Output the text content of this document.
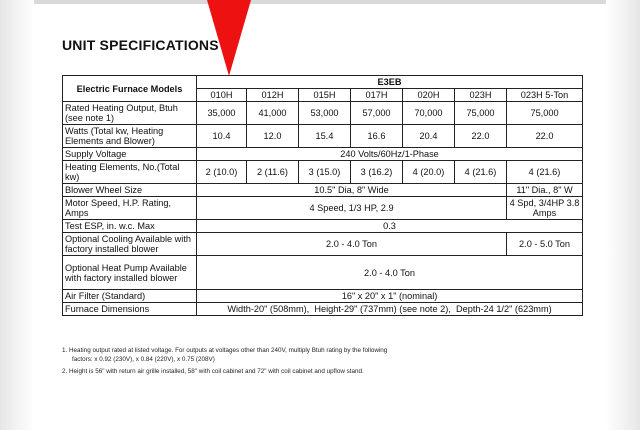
UNIT SPECIFICATIONS
Electric Furnace Models	E3EB						
	010H	012H	015H	017H	020H	023H	023H 5-Ton
Rated Heating Output, Btuh (see note 1)	35,000	41,000	53,000	57,000	70,000	75,000	75,000
Watts (Total kw, Heating Elements and Blower)	10.4	12.0	15.4	16.6	20.4	22.0	22.0
Supply Voltage	240 Volts/60Hz/1-Phase						
Heating Elements, No.(Total kw)	2 (10.0)	2 (11.6)	3 (15.0)	3 (16.2)	4 (20.0)	4 (21.6)	4 (21.6)
Blower Wheel Size	10.5" Dia, 8" Wide						11" Dia., 8" W
Motor Speed, H.P. Rating, Amps	4 Speed, 1/3 HP, 2.9						4 Spd, 3/4HP 3.8 Amps
Test ESP, in. w.c. Max	0.3						
Optional Cooling Available with factory installed blower	2.0 - 4.0 Ton						2.0 - 5.0 Ton
Optional Heat Pump Available with factory installed blower	2.0 - 4.0 Ton						
Air Filter (Standard)	16" x 20" x 1" (nominal)						
Furnace Dimensions	Width-20" (508mm),  Height-29" (737mm) (see note 2),  Depth-24 1/2" (623mm)						
1. Heating output rated at listed voltage. For outputs at voltages other than 240V, multiply Btuh rating by the following
factors: x 0.92 (230V), x 0.84 (220V), x 0.75 (208V)
2. Height is 56" with return air grille installed, 58" with coil cabinet and 72" with coil cabinet and upflow stand.
